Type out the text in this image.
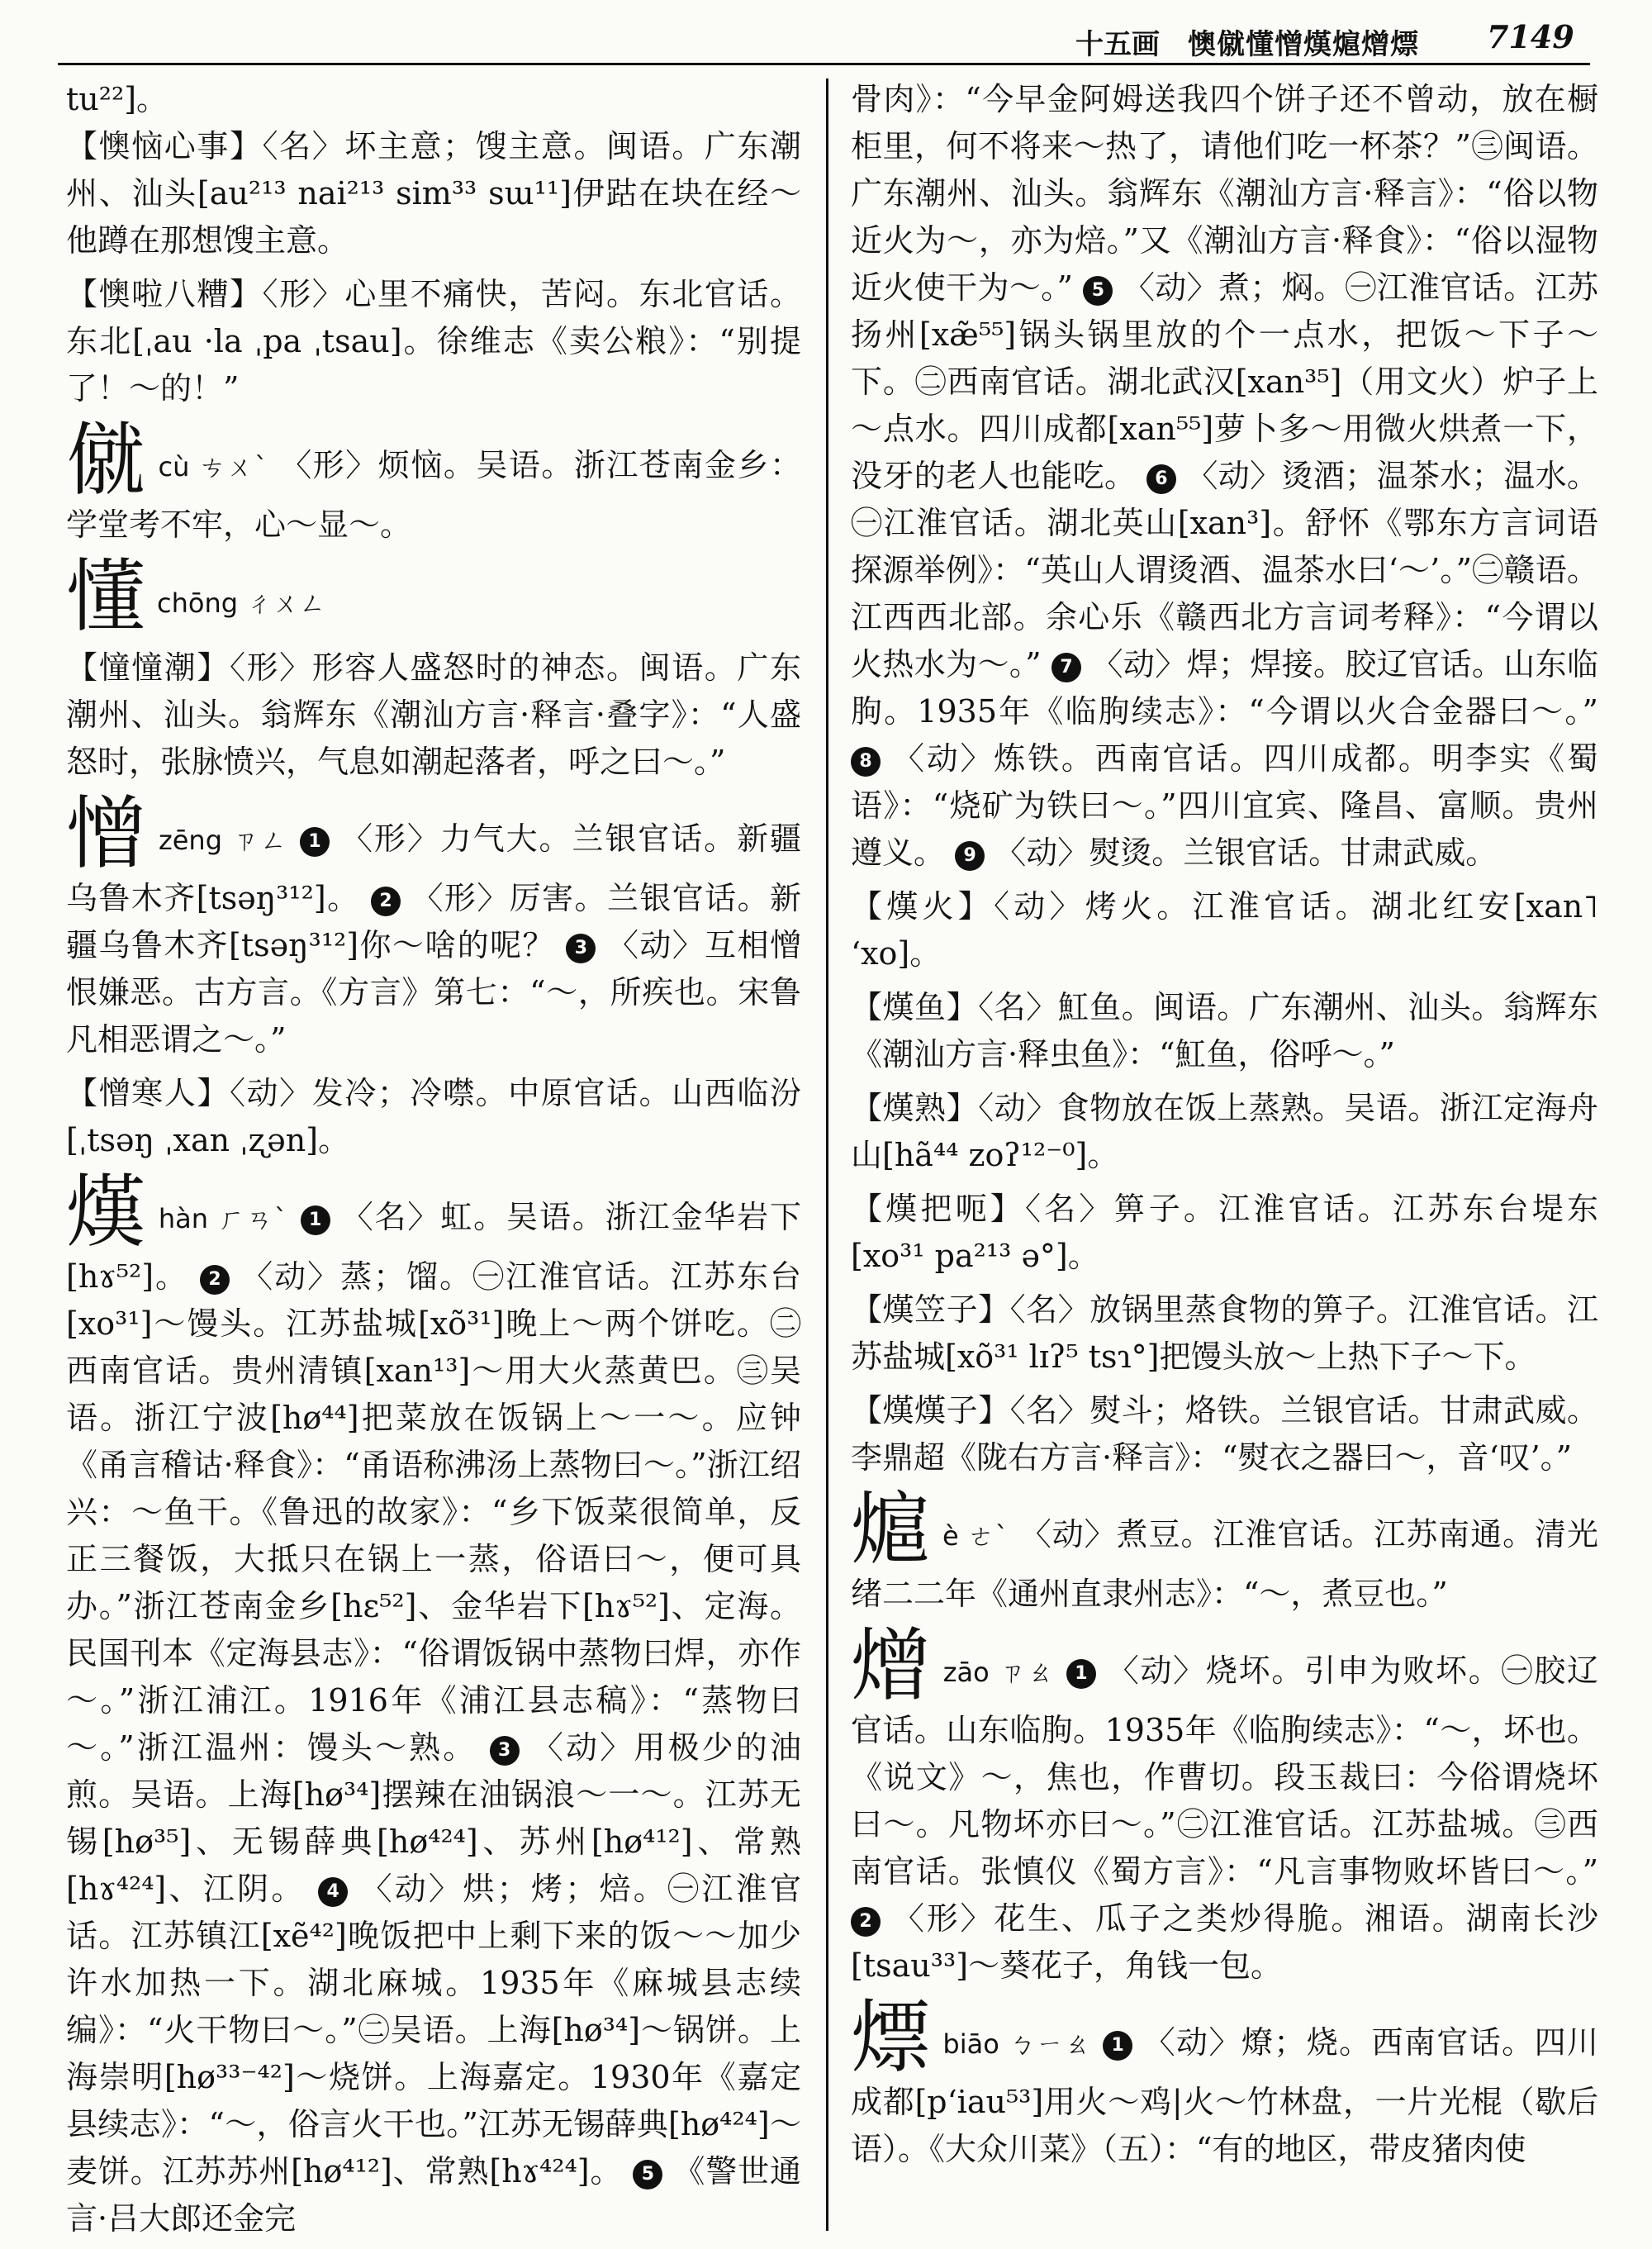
十五画 懊僦懂憎熯熩熷熛 7149

tu²²]。

【懊恼心事】〈名〉坏主意；馊主意。闽语。广东潮州、汕头[au²¹³ nai²¹³ sim³³ sɯ¹¹]伊跍在块在经～他蹲在那想馊主意。

【懊啦八糟】〈形〉心里不痛快，苦闷。东北官话。东北[ˌau ·la ˌpa ˌtsau]。徐维志《卖公粮》：“别提了！～的！”

僦cù ㄘㄨˋ 〈形〉烦恼。吴语。浙江苍南金乡：学堂考不牢，心～显～。

懂chōng ㄔㄨㄥ

【憧憧潮】〈形〉形容人盛怒时的神态。闽语。广东潮州、汕头。翁辉东《潮汕方言·释言·叠字》：“人盛怒时，张脉愤兴，气息如潮起落者，呼之曰～。”

憎zēng ㄗㄥ 1 〈形〉力气大。兰银官话。新疆乌鲁木齐[tsəŋ³¹²]。 2 〈形〉厉害。兰银官话。新疆乌鲁木齐[tsəŋ³¹²]你～啥的呢？ 3 〈动〉互相憎恨嫌恶。古方言。《方言》第七：“～，所疾也。宋鲁凡相恶谓之～。”

【憎寒人】〈动〉发冷；冷噤。中原官话。山西临汾[ˌtsəŋ ˌxan ˌʐən]。

熯hàn ㄏㄢˋ 1 〈名〉虹。吴语。浙江金华岩下[hɤ⁵²]。 2 〈动〉蒸；馏。㊀江淮官话。江苏东台[xo³¹]～馒头。江苏盐城[xõ³¹]晚上～两个饼吃。㊁西南官话。贵州清镇[xan¹³]～用大火蒸黄巴。㊂吴语。浙江宁波[hø⁴⁴]把菜放在饭锅上～一～。应钟《甬言稽诂·释食》：“甬语称沸汤上蒸物曰～。”浙江绍兴：～鱼干。《鲁迅的故家》：“乡下饭菜很简单，反正三餐饭，大抵只在锅上一蒸，俗语曰～，便可具办。”浙江苍南金乡[hɛ⁵²]、金华岩下[hɤ⁵²]、定海。民国刊本《定海县志》：“俗谓饭锅中蒸物曰焊，亦作～。”浙江浦江。1916年《浦江县志稿》：“蒸物曰～。”浙江温州：馒头～熟。 3 〈动〉用极少的油煎。吴语。上海[hø³⁴]摆辣在油锅浪～一～。江苏无锡[hø³⁵]、无锡薛典[hø⁴²⁴]、苏州[hø⁴¹²]、常熟[hɤ⁴²⁴]、江阴。 4 〈动〉烘；烤；焙。㊀江淮官话。江苏镇江[xẽ⁴²]晚饭把中上剩下来的饭～～加少许水加热一下。湖北麻城。1935年《麻城县志续编》：“火干物曰～。”㊁吴语。上海[hø³⁴]～锅饼。上海崇明[hø³³⁻⁴²]～烧饼。上海嘉定。1930年《嘉定县续志》：“～，俗言火干也。”江苏无锡薛典[hø⁴²⁴]～麦饼。江苏苏州[hø⁴¹²]、常熟[hɤ⁴²⁴]。 5 《警世通言·吕大郎还金完

骨肉》：“今早金阿姆送我四个饼子还不曾动，放在橱柜里，何不将来～热了，请他们吃一杯茶？”㊂闽语。广东潮州、汕头。翁辉东《潮汕方言·释言》：“俗以物近火为～，亦为焙。”又《潮汕方言·释食》：“俗以湿物近火使干为～。” 5 〈动〉煮；焖。㊀江淮官话。江苏扬州[xæ̃⁵⁵]锅头锅里放的个一点水，把饭～下子～下。㊁西南官话。湖北武汉[xan³⁵]（用文火）炉子上～点水。四川成都[xan⁵⁵]萝卜多～用微火烘煮一下，没牙的老人也能吃。 6 〈动〉烫酒；温茶水；温水。㊀江淮官话。湖北英山[xan³]。舒怀《鄂东方言词语探源举例》：“英山人谓烫酒、温茶水曰‘～’。”㊁赣语。江西西北部。余心乐《赣西北方言词考释》：“今谓以火热水为～。” 7 〈动〉焊；焊接。胶辽官话。山东临朐。1935年《临朐续志》：“今谓以火合金器曰～。” 8 〈动〉炼铁。西南官话。四川成都。明李实《蜀语》：“烧矿为铁曰～。”四川宜宾、隆昌、富顺。贵州遵义。 9 〈动〉熨烫。兰银官话。甘肃武威。

【熯火】〈动〉烤火。江淮官话。湖北红安[xan˥ ʻxo]。

【熯鱼】〈名〉魟鱼。闽语。广东潮州、汕头。翁辉东《潮汕方言·释虫鱼》：“魟鱼，俗呼～。”

【熯熟】〈动〉食物放在饭上蒸熟。吴语。浙江定海舟山[hã⁴⁴ zoʔ¹²⁻⁰]。

【熯把呃】〈名〉箅子。江淮官话。江苏东台堤东[xo³¹ pa²¹³ ə°]。

【熯笠子】〈名〉放锅里蒸食物的箅子。江淮官话。江苏盐城[xõ³¹ lɪʔ⁵ tsɿ°]把馒头放～上热下子～下。

【熯熯子】〈名〉熨斗；烙铁。兰银官话。甘肃武威。李鼎超《陇右方言·释言》：“熨衣之器曰～，音‘叹’。”

熩è ㄜˋ 〈动〉煮豆。江淮官话。江苏南通。清光绪二二年《通州直隶州志》：“～，煮豆也。”

熷zāo ㄗㄠ 1 〈动〉烧坏。引申为败坏。㊀胶辽官话。山东临朐。1935年《临朐续志》：“～，坏也。《说文》～，焦也，作曹切。段玉裁曰：今俗谓烧坏曰～。凡物坏亦曰～。”㊁江淮官话。江苏盐城。㊂西南官话。张慎仪《蜀方言》：“凡言事物败坏皆曰～。” 2 〈形〉花生、瓜子之类炒得脆。湘语。湖南长沙[tsau³³]～葵花子，角钱一包。

熛biāo ㄅㄧㄠ 1 〈动〉燎；烧。西南官话。四川成都[pʻiau⁵³]用火～鸡|火～竹林盘，一片光棍（歇后语）。《大众川菜》（五）：“有的地区，带皮猪肉使
